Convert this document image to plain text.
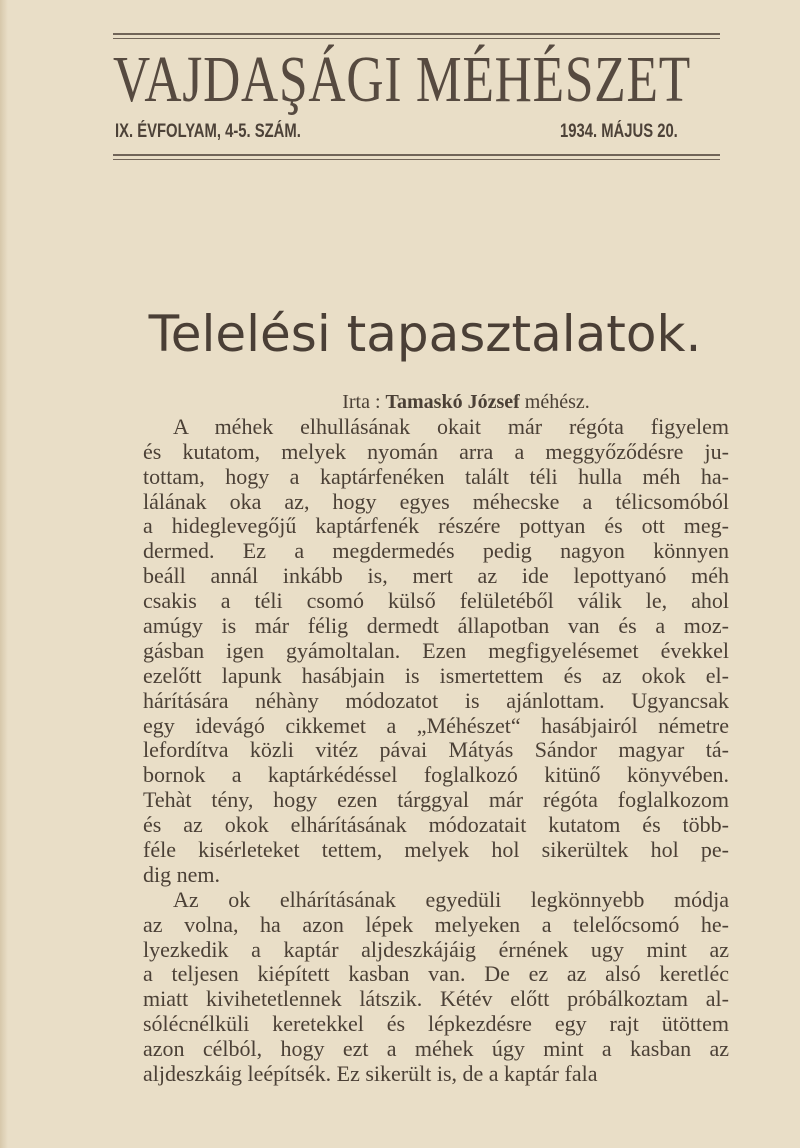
VAJDAŞÁGI MÉHÉSZET
IX. ÉVFOLYAM, 4-5. SZÁM.	1934. MÁJUS 20.
Telelési tapasztalatok.
Irta : Tamaskó József méhész.
A méhek elhullásának okait már régóta figyelem
és kutatom, melyek nyomán arra a meggyőződésre ju-
tottam, hogy a kaptárfenéken talált téli hulla méh ha-
lálának oka az, hogy egyes méhecske a télicsomóból
a hideglevegőjű kaptárfenék részére pottyan és ott meg-
dermed. Ez a megdermedés pedig nagyon könnyen
beáll annál inkább is, mert az ide lepottyanó méh
csakis a téli csomó külső felületéből válik le, ahol
amúgy is már félig dermedt állapotban van és a moz-
gásban igen gyámoltalan. Ezen megfigyelésemet évekkel
ezelőtt lapunk hasábjain is ismertettem és az okok el-
hárítására néhàny módozatot is ajánlottam. Ugyancsak
egy idevágó cikkemet a „Méhészet“ hasábjairól németre
lefordítva közli vitéz pávai Mátyás Sándor magyar tá-
bornok a kaptárkédéssel foglalkozó kitünő könyvében.
Tehàt tény, hogy ezen tárggyal már régóta foglalkozom
és az okok elhárításának módozatait kutatom és több-
féle kisérleteket tettem, melyek hol sikerültek hol pe-
dig nem.
Az ok elhárításának egyedüli legkönnyebb módja
az volna, ha azon lépek melyeken a telelőcsomó he-
lyezkedik a kaptár aljdeszkájáig érnének ugy mint az
a teljesen kiépített kasban van. De ez az alsó keretléc
miatt kivihetetlennek látszik. Kétév előtt próbálkoztam al-
sólécnélküli keretekkel és lépkezdésre egy rajt ütöttem
azon célból, hogy ezt a méhek úgy mint a kasban az
aljdeszkáig leépítsék. Ez sikerült is, de a kaptár fala
